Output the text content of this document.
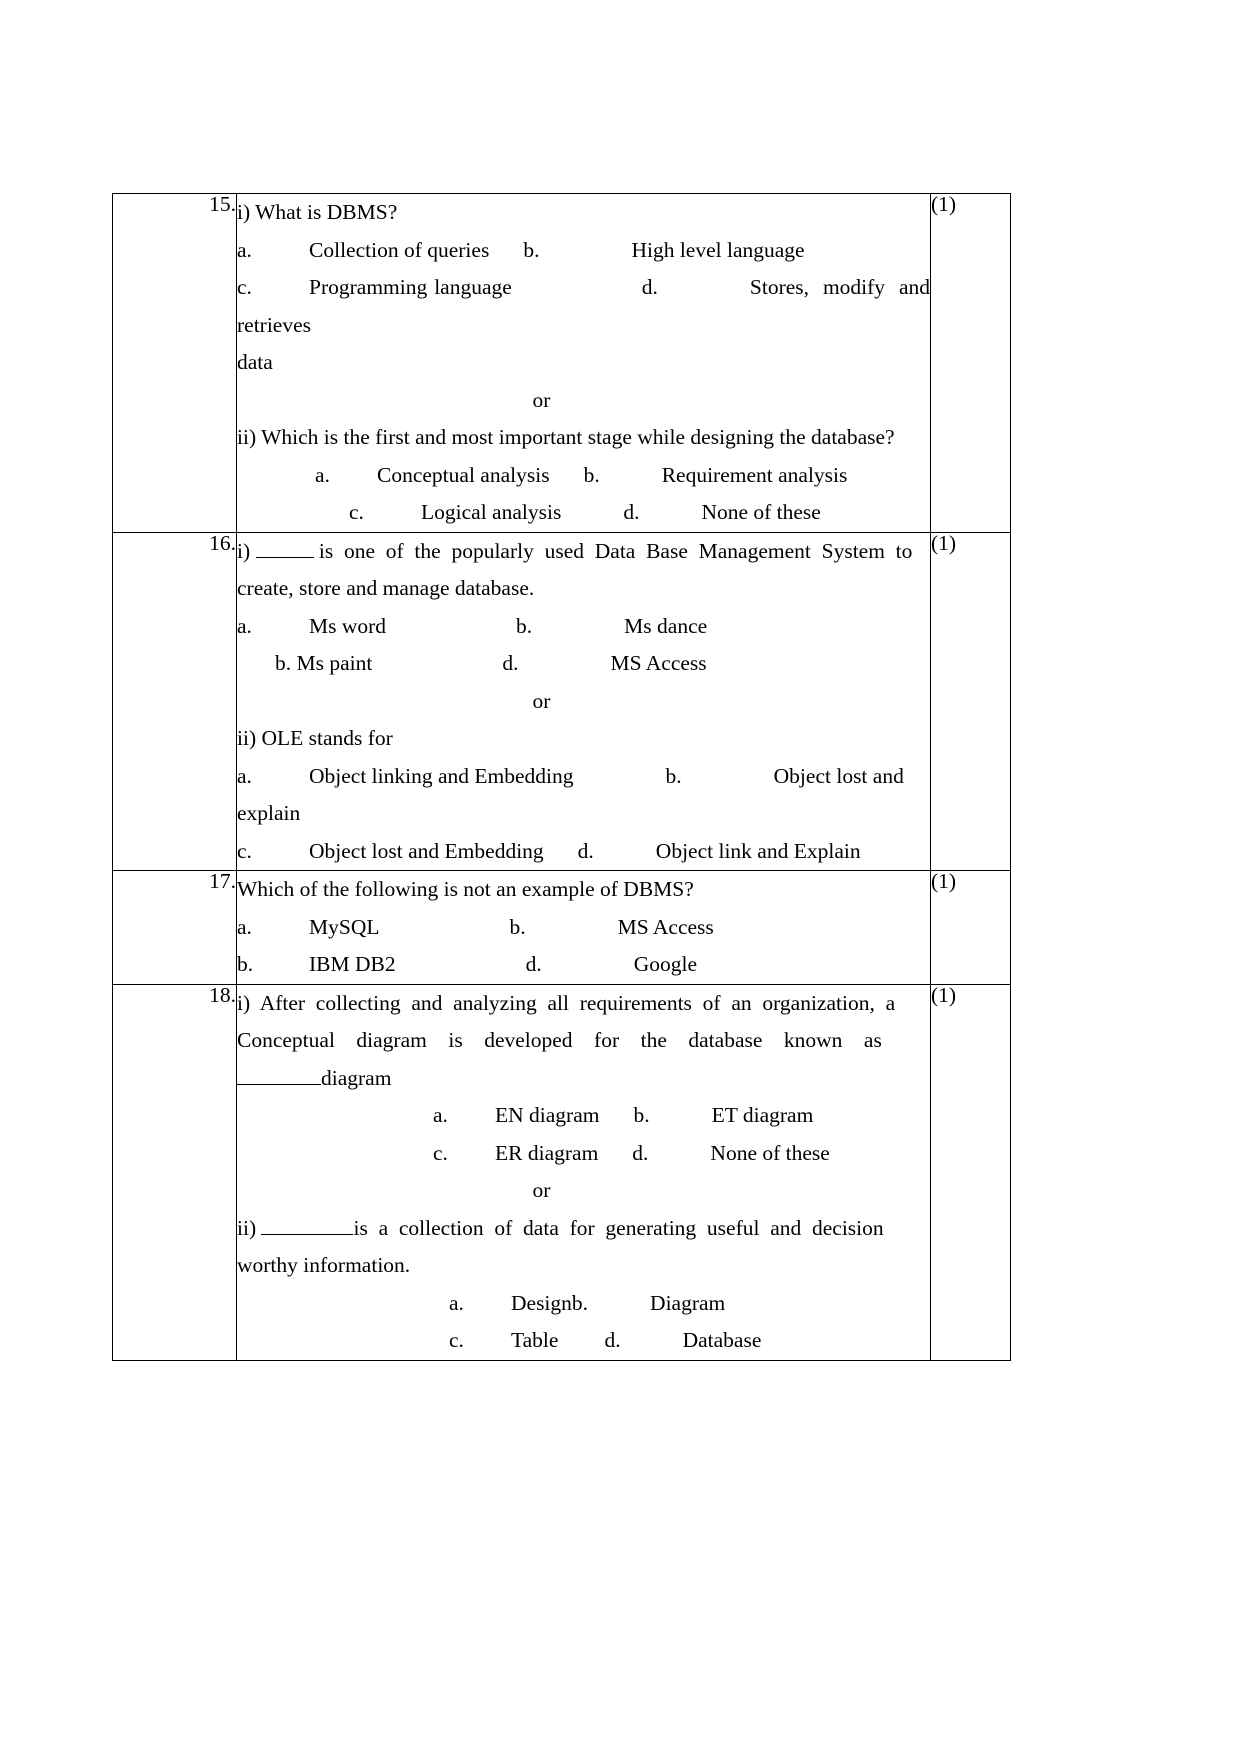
15.	i) What is DBMS?
a.	Collection of queries b.	High level language
c.	Programming language	d.	Stores,  modify  and  retrieves
data
or
ii) Which is the first and most important stage while designing the database?
a. Conceptual analysis b.	Requirement analysis
c.	Logical analysis	d.	None of these
	(1)
16.	i)	is  one  of  the  popularly  used  Data  Base  Management  System  to
create, store and manage database.
a.	Ms word	b.	Ms dance
b. Ms paint	d.	MS Access
or
ii) OLE stands for
a.	Object linking and Embedding	b.	Object lost and explain
c.	Object lost and Embedding d.	Object link and Explain
	(1)
17.	Which of the following is not an example of DBMS?
a. MySQL b. MS Access
b. IBM DB2 d. Google	(1)
18.	i)  After  collecting  and  analyzing  all  requirements  of  an  organization,  a
Conceptual    diagram    is    developed    for    the    database    known    as
diagram
a. EN diagram b.	ET diagram
c. ER diagram d.	None of these
or
ii)	is  a  collection  of  data  for  generating  useful  and  decision
worthy information.
a. Designb.	Diagram
c. Table d.	Database
	(1)
